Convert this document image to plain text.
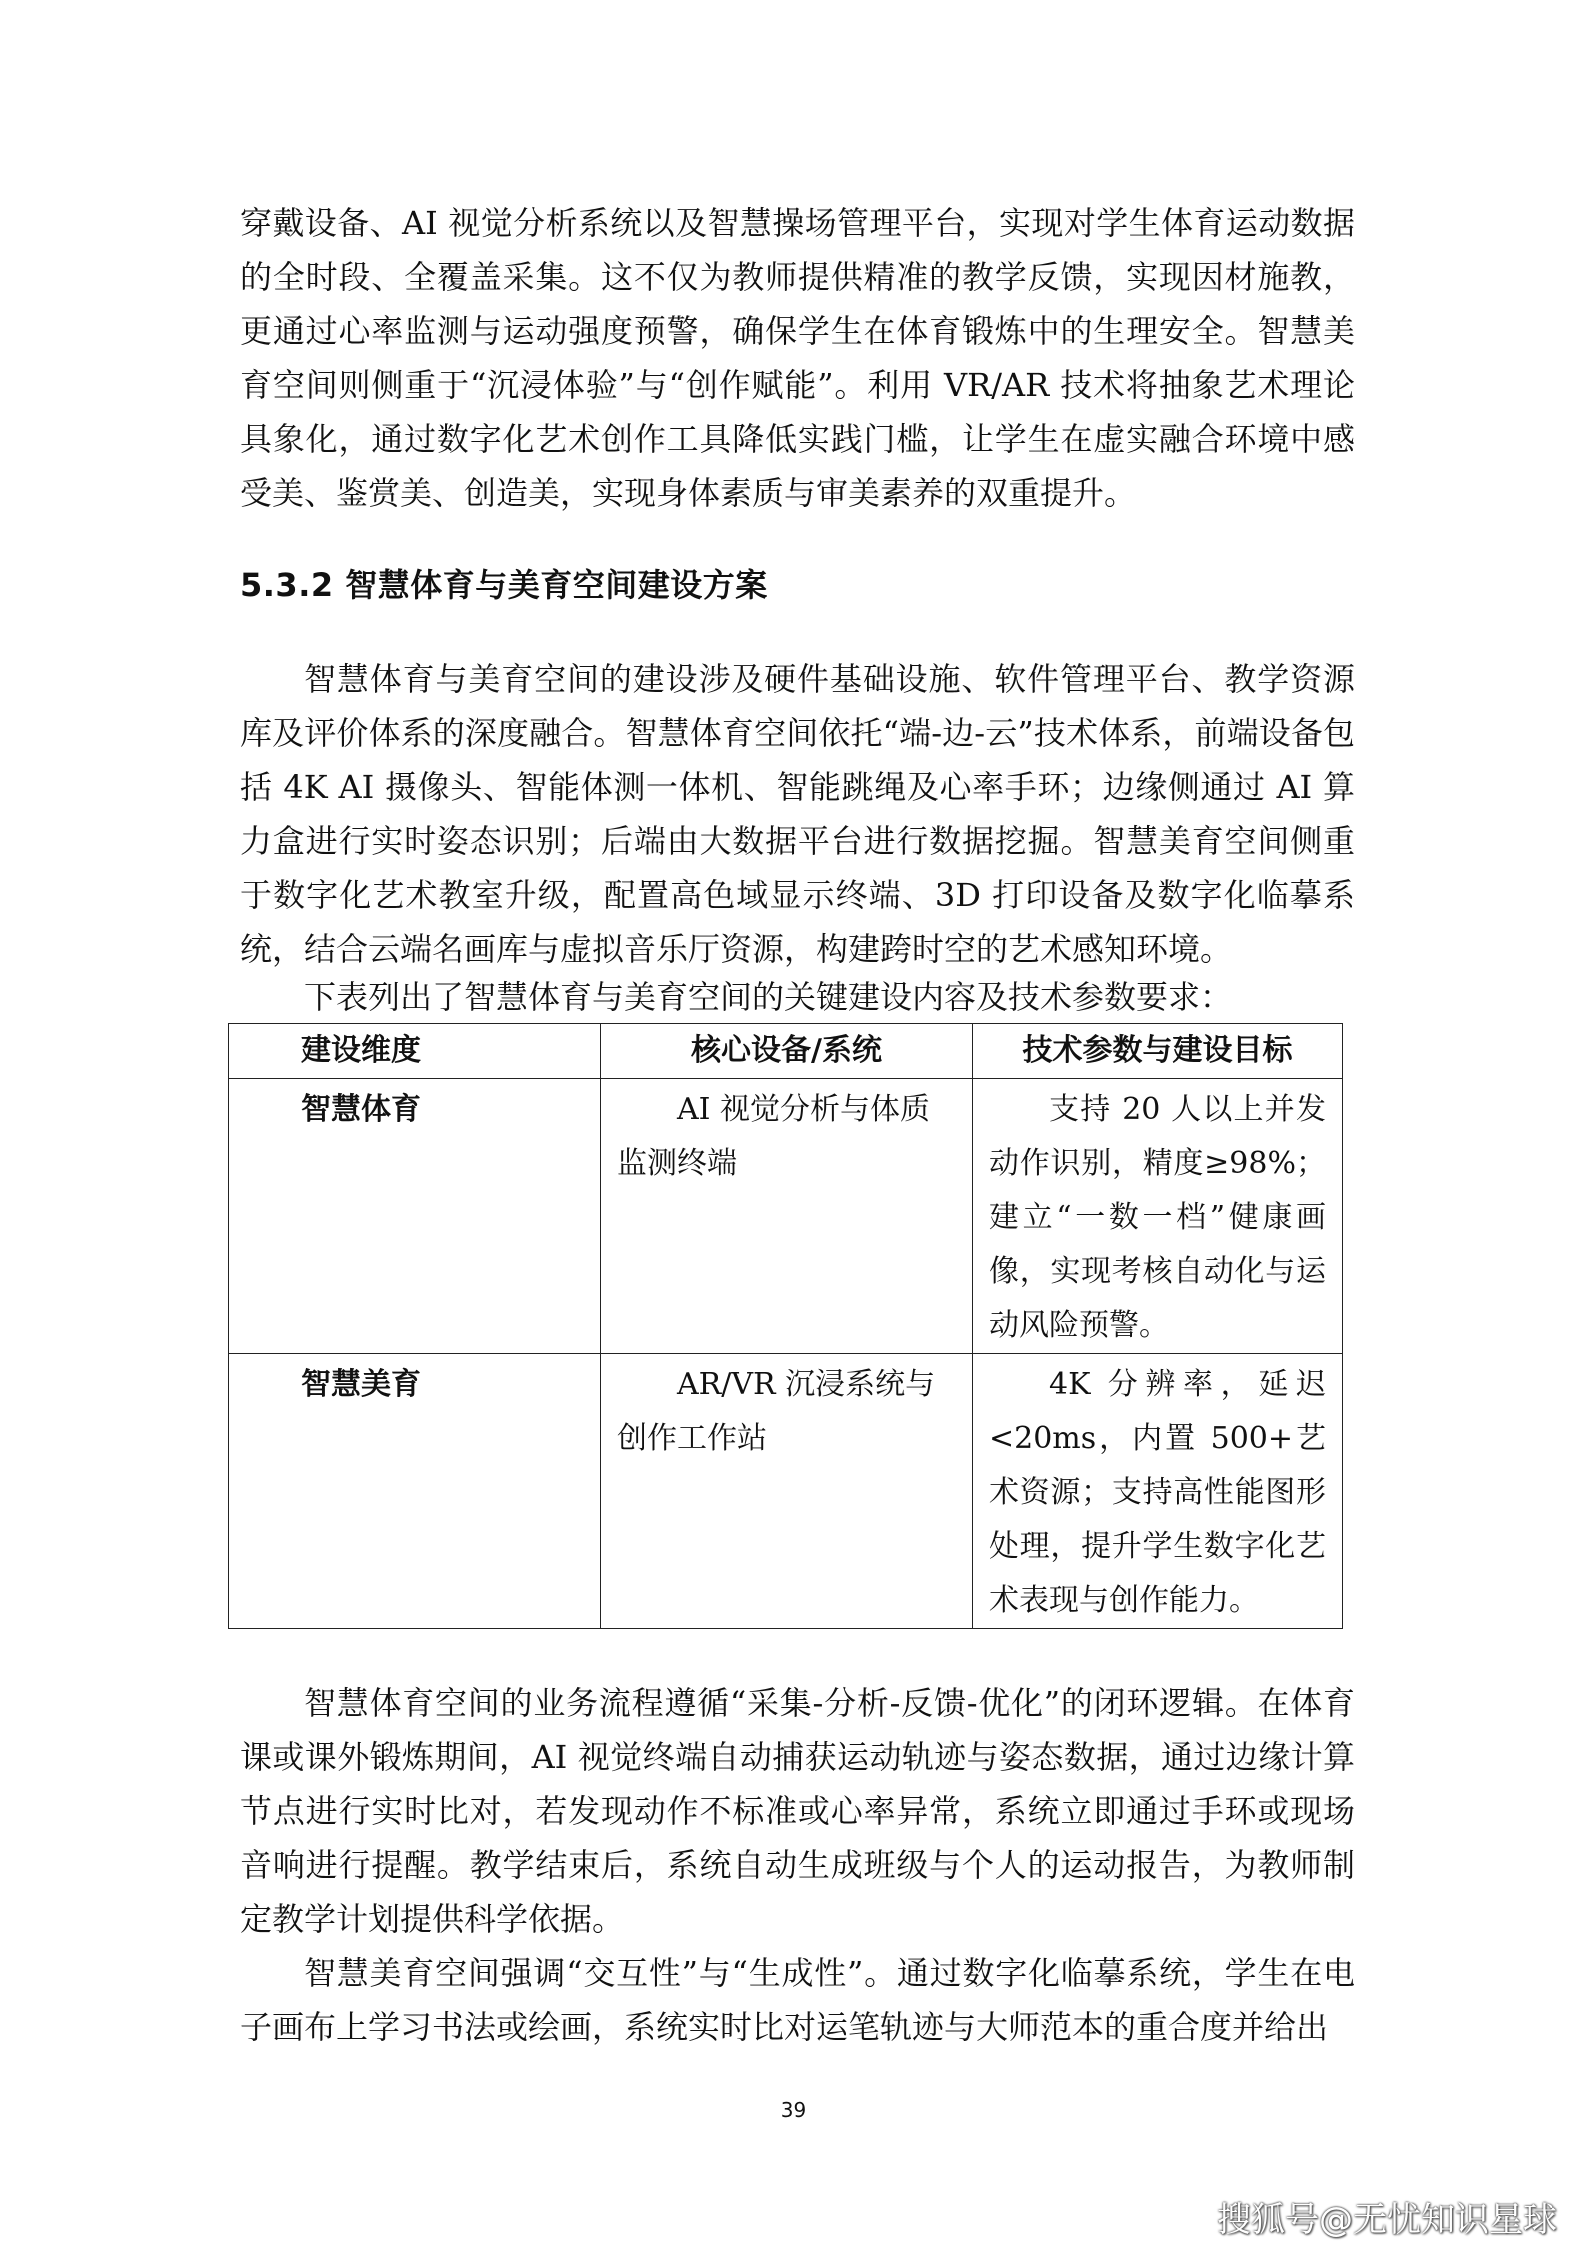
穿戴设备、AI 视觉分析系统以及智慧操场管理平台，实现对学生体育运动数据的全时段、全覆盖采集。这不仅为教师提供精准的教学反馈，实现因材施教，更通过心率监测与运动强度预警，确保学生在体育锻炼中的生理安全。智慧美育空间则侧重于“沉浸体验”与“创作赋能”。利用 VR/AR 技术将抽象艺术理论具象化，通过数字化艺术创作工具降低实践门槛，让学生在虚实融合环境中感受美、鉴赏美、创造美，实现身体素质与审美素养的双重提升。

5.3.2 智慧体育与美育空间建设方案

智慧体育与美育空间的建设涉及硬件基础设施、软件管理平台、教学资源库及评价体系的深度融合。智慧体育空间依托“端-边-云”技术体系，前端设备包括 4K AI 摄像头、智能体测一体机、智能跳绳及心率手环；边缘侧通过 AI 算力盒进行实时姿态识别；后端由大数据平台进行数据挖掘。智慧美育空间侧重于数字化艺术教室升级，配置高色域显示终端、3D 打印设备及数字化临摹系统，结合云端名画库与虚拟音乐厅资源，构建跨时空的艺术感知环境。

下表列出了智慧体育与美育空间的关键建设内容及技术参数要求：

建设维度	核心设备/系统	技术参数与建设目标
智慧体育	AI 视觉分析与体质监测终端	支持 20 人以上并发动作识别，精度≥98%；建立“一数一档”健康画像，实现考核自动化与运动风险预警。
智慧美育	AR/VR 沉浸系统与创作工作站	4K 分辨率，延迟<20ms，内置 500+艺术资源；支持高性能图形处理，提升学生数字化艺术表现与创作能力。

智慧体育空间的业务流程遵循“采集-分析-反馈-优化”的闭环逻辑。在体育课或课外锻炼期间，AI 视觉终端自动捕获运动轨迹与姿态数据，通过边缘计算节点进行实时比对，若发现动作不标准或心率异常，系统立即通过手环或现场音响进行提醒。教学结束后，系统自动生成班级与个人的运动报告，为教师制定教学计划提供科学依据。

智慧美育空间强调“交互性”与“生成性”。通过数字化临摹系统，学生在电子画布上学习书法或绘画，系统实时比对运笔轨迹与大师范本的重合度并给出

39
搜狐号@无忧知识星球
